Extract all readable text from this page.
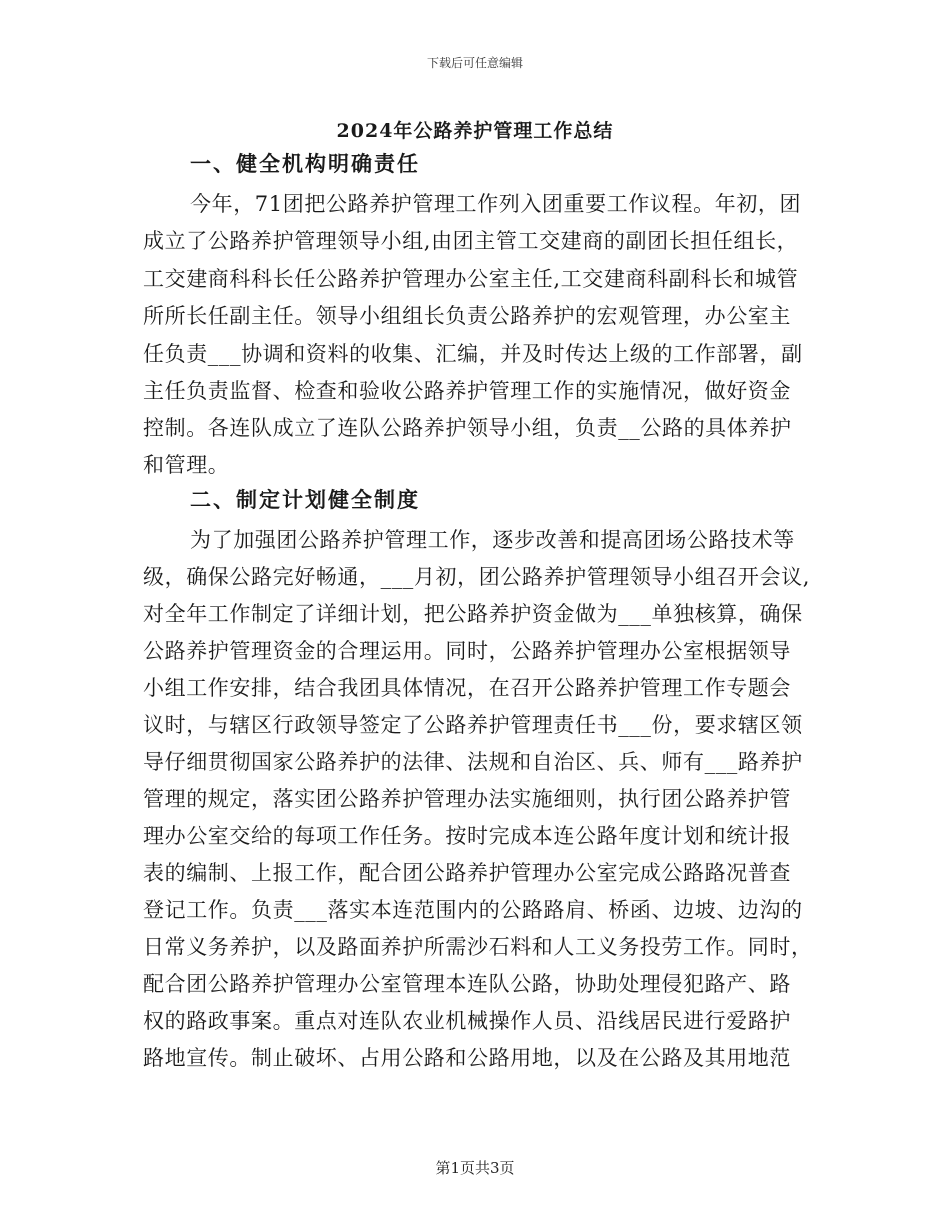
下载后可任意编辑
2024年公路养护管理工作总结
一、健全机构明确责任
今年，71团把公路养护管理工作列入团重要工作议程。年初，团
成立了公路养护管理领导小组,由团主管工交建商的副团长担任组长，
工交建商科科长任公路养护管理办公室主任,工交建商科副科长和城管
所所长任副主任。领导小组组长负责公路养护的宏观管理，办公室主
任负责___协调和资料的收集、汇编，并及时传达上级的工作部署，副
主任负责监督、检查和验收公路养护管理工作的实施情况，做好资金
控制。各连队成立了连队公路养护领导小组，负责__公路的具体养护
和管理。
二、制定计划健全制度
为了加强团公路养护管理工作，逐步改善和提高团场公路技术等
级，确保公路完好畅通，___月初，团公路养护管理领导小组召开会议,
对全年工作制定了详细计划，把公路养护资金做为___单独核算，确保
公路养护管理资金的合理运用。同时，公路养护管理办公室根据领导
小组工作安排，结合我团具体情况，在召开公路养护管理工作专题会
议时，与辖区行政领导签定了公路养护管理责任书___份，要求辖区领
导仔细贯彻国家公路养护的法律、法规和自治区、兵、师有___路养护
管理的规定，落实团公路养护管理办法实施细则，执行团公路养护管
理办公室交给的每项工作任务。按时完成本连公路年度计划和统计报
表的编制、上报工作，配合团公路养护管理办公室完成公路路况普查
登记工作。负责___落实本连范围内的公路路肩、桥函、边坡、边沟的
日常义务养护，以及路面养护所需沙石料和人工义务投劳工作。同时，
配合团公路养护管理办公室管理本连队公路，协助处理侵犯路产、路
权的路政事案。重点对连队农业机械操作人员、沿线居民进行爱路护
路地宣传。制止破坏、占用公路和公路用地，以及在公路及其用地范
第1页共3页
